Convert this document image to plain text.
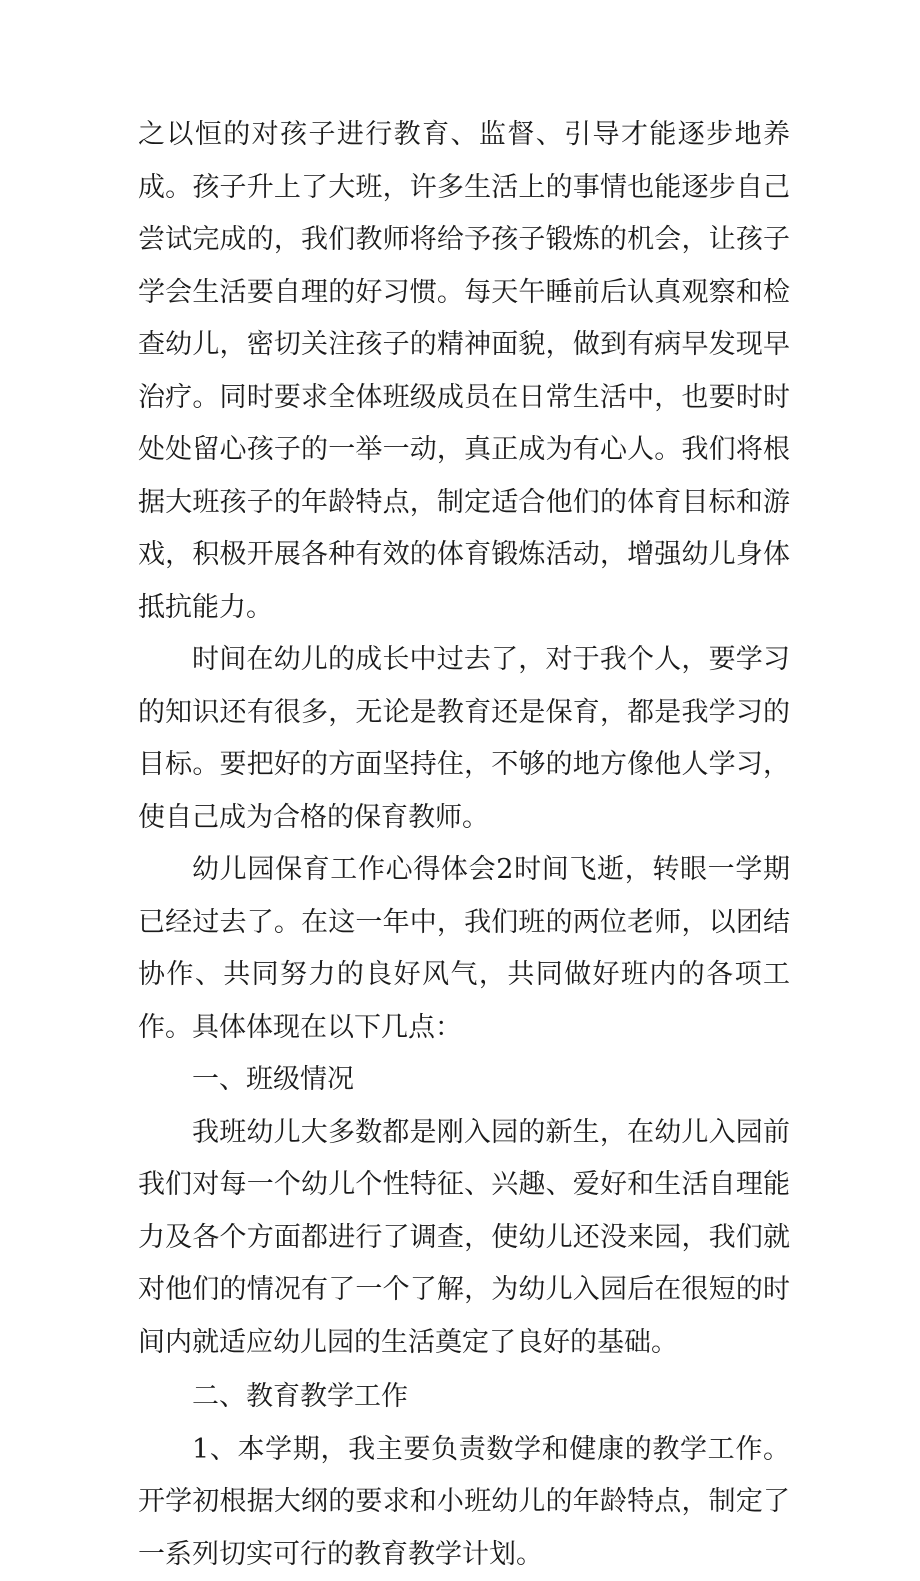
之以恒的对孩子进行教育、监督、引导才能逐步地养成。孩子升上了大班，许多生活上的事情也能逐步自己尝试完成的，我们教师将给予孩子锻炼的机会，让孩子学会生活要自理的好习惯。每天午睡前后认真观察和检查幼儿，密切关注孩子的精神面貌，做到有病早发现早治疗。同时要求全体班级成员在日常生活中，也要时时处处留心孩子的一举一动，真正成为有心人。我们将根据大班孩子的年龄特点，制定适合他们的体育目标和游戏，积极开展各种有效的体育锻炼活动，增强幼儿身体抵抗能力。

时间在幼儿的成长中过去了，对于我个人，要学习的知识还有很多，无论是教育还是保育，都是我学习的目标。要把好的方面坚持住，不够的地方像他人学习，使自己成为合格的保育教师。

幼儿园保育工作心得体会2时间飞逝，转眼一学期已经过去了。在这一年中，我们班的两位老师，以团结协作、共同努力的良好风气，共同做好班内的各项工作。具体体现在以下几点：

一、班级情况

我班幼儿大多数都是刚入园的新生，在幼儿入园前我们对每一个幼儿个性特征、兴趣、爱好和生活自理能力及各个方面都进行了调查，使幼儿还没来园，我们就对他们的情况有了一个了解，为幼儿入园后在很短的时间内就适应幼儿园的生活奠定了良好的基础。

二、教育教学工作

1、本学期，我主要负责数学和健康的教学工作。开学初根据大纲的要求和小班幼儿的年龄特点，制定了一系列切实可行的教育教学计划。
